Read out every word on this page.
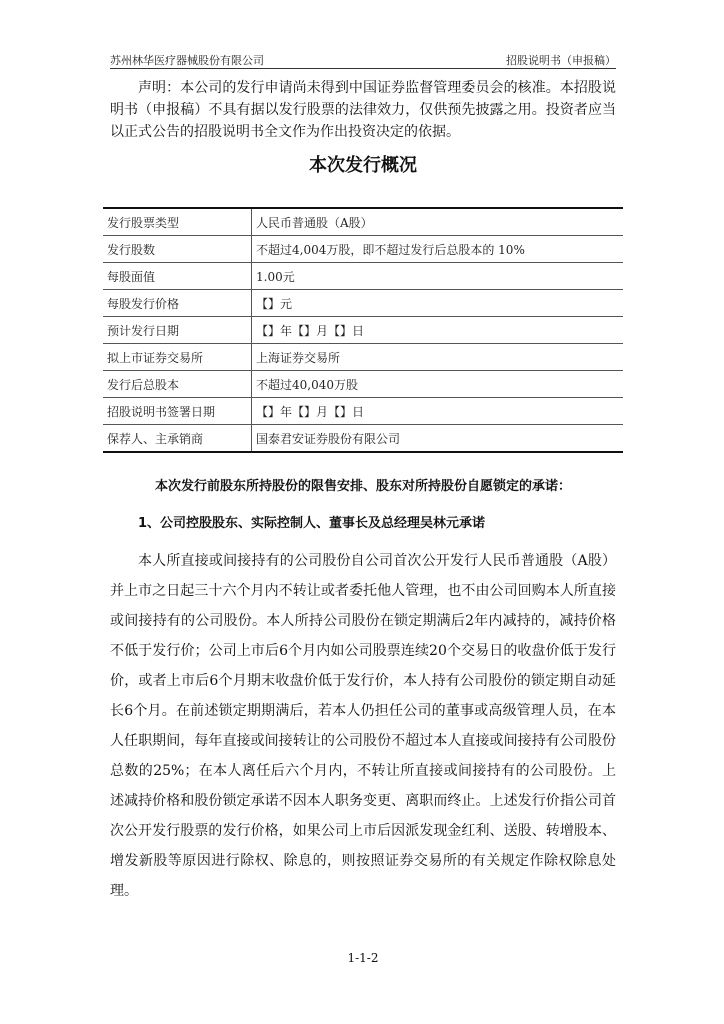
苏州林华医疗器械股份有限公司	招股说明书（申报稿）

声明：本公司的发行申请尚未得到中国证券监督管理委员会的核准。本招股说明书（申报稿）不具有据以发行股票的法律效力，仅供预先披露之用。投资者应当以正式公告的招股说明书全文作为作出投资决定的依据。

本次发行概况
发行股票类型	人民币普通股（A股）
发行股数	不超过4,004万股，即不超过发行后总股本的 10%
每股面值	1.00元
每股发行价格	【】元
预计发行日期	【】年【】月【】日
拟上市证券交易所	上海证券交易所
发行后总股本	不超过40,040万股
招股说明书签署日期	【】年【】月【】日
保荐人、主承销商	国泰君安证券股份有限公司
本次发行前股东所持股份的限售安排、股东对所持股份自愿锁定的承诺：
1、公司控股股东、实际控制人、董事长及总经理吴林元承诺

本人所直接或间接持有的公司股份自公司首次公开发行人民币普通股（A股）并上市之日起三十六个月内不转让或者委托他人管理，也不由公司回购本人所直接或间接持有的公司股份。本人所持公司股份在锁定期满后2年内减持的，减持价格不低于发行价；公司上市后6个月内如公司股票连续20个交易日的收盘价低于发行价，或者上市后6个月期末收盘价低于发行价，本人持有公司股份的锁定期自动延长6个月。在前述锁定期期满后，若本人仍担任公司的董事或高级管理人员，在本人任职期间，每年直接或间接转让的公司股份不超过本人直接或间接持有公司股份总数的25%；在本人离任后六个月内，不转让所直接或间接持有的公司股份。上述减持价格和股份锁定承诺不因本人职务变更、离职而终止。上述发行价指公司首次公开发行股票的发行价格，如果公司上市后因派发现金红利、送股、转增股本、增发新股等原因进行除权、除息的，则按照证券交易所的有关规定作除权除息处理。

1-1-2
